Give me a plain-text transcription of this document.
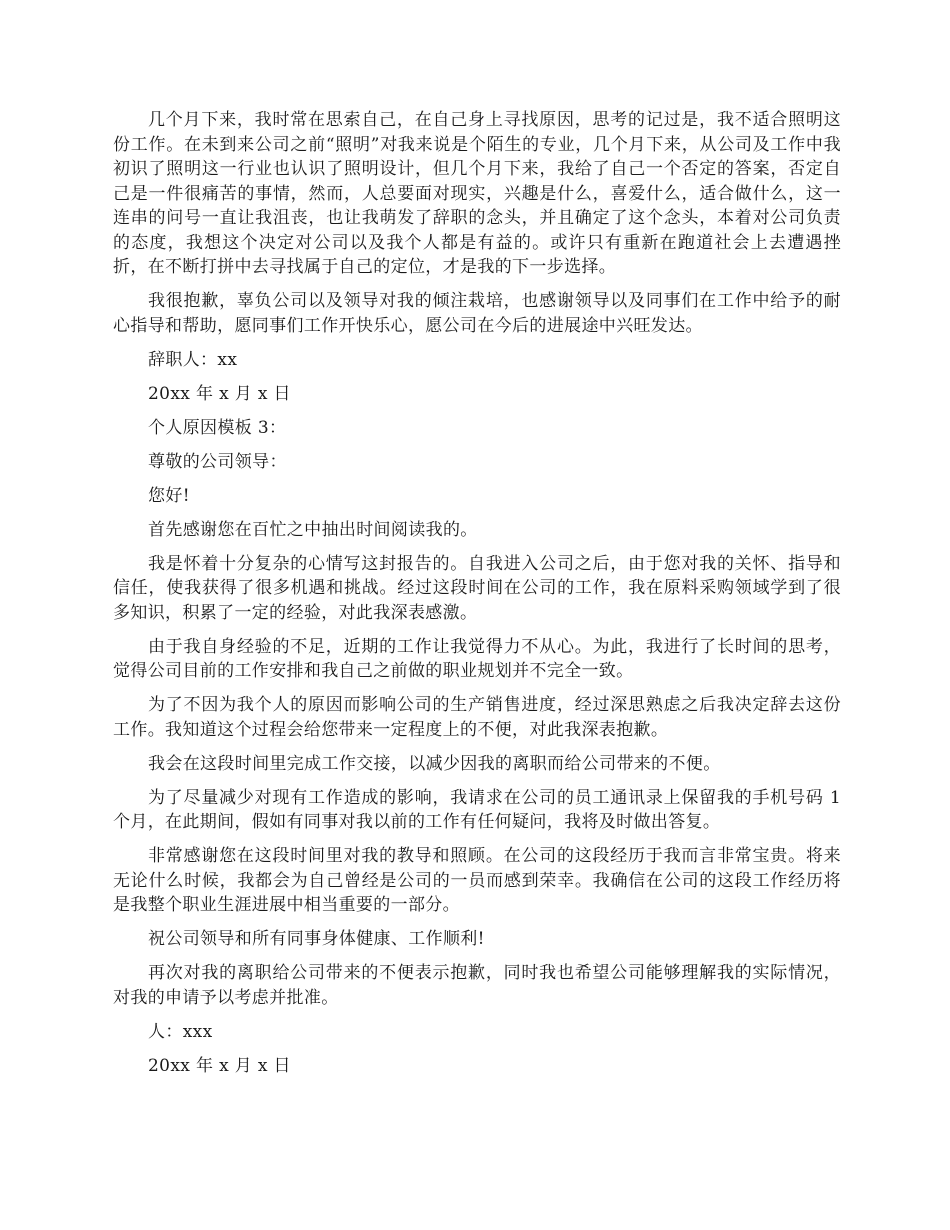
几个月下来，我时常在思索自己，在自己身上寻找原因，思考的记过是，我不适合照明这份工作。在未到来公司之前“照明”对我来说是个陌生的专业，几个月下来，从公司及工作中我初识了照明这一行业也认识了照明设计，但几个月下来，我给了自己一个否定的答案，否定自己是一件很痛苦的事情，然而，人总要面对现实，兴趣是什么，喜爱什么，适合做什么，这一连串的问号一直让我沮丧，也让我萌发了辞职的念头，并且确定了这个念头，本着对公司负责的态度，我想这个决定对公司以及我个人都是有益的。或许只有重新在跑道社会上去遭遇挫折，在不断打拼中去寻找属于自己的定位，才是我的下一步选择。

我很抱歉，辜负公司以及领导对我的倾注栽培，也感谢领导以及同事们在工作中给予的耐心指导和帮助，愿同事们工作开快乐心，愿公司在今后的进展途中兴旺发达。

辞职人：xx

20xx 年 x 月 x 日

个人原因模板 3：

尊敬的公司领导：

您好!

首先感谢您在百忙之中抽出时间阅读我的。

我是怀着十分复杂的心情写这封报告的。自我进入公司之后，由于您对我的关怀、指导和信任，使我获得了很多机遇和挑战。经过这段时间在公司的工作，我在原料采购领域学到了很多知识，积累了一定的经验，对此我深表感激。

由于我自身经验的不足，近期的工作让我觉得力不从心。为此，我进行了长时间的思考，觉得公司目前的工作安排和我自己之前做的职业规划并不完全一致。

为了不因为我个人的原因而影响公司的生产销售进度，经过深思熟虑之后我决定辞去这份工作。我知道这个过程会给您带来一定程度上的不便，对此我深表抱歉。

我会在这段时间里完成工作交接，以减少因我的离职而给公司带来的不便。

为了尽量减少对现有工作造成的影响，我请求在公司的员工通讯录上保留我的手机号码 1 个月，在此期间，假如有同事对我以前的工作有任何疑问，我将及时做出答复。

非常感谢您在这段时间里对我的教导和照顾。在公司的这段经历于我而言非常宝贵。将来无论什么时候，我都会为自己曾经是公司的一员而感到荣幸。我确信在公司的这段工作经历将是我整个职业生涯进展中相当重要的一部分。

祝公司领导和所有同事身体健康、工作顺利!

再次对我的离职给公司带来的不便表示抱歉，同时我也希望公司能够理解我的实际情况，对我的申请予以考虑并批准。

人：xxx

20xx 年 x 月 x 日
